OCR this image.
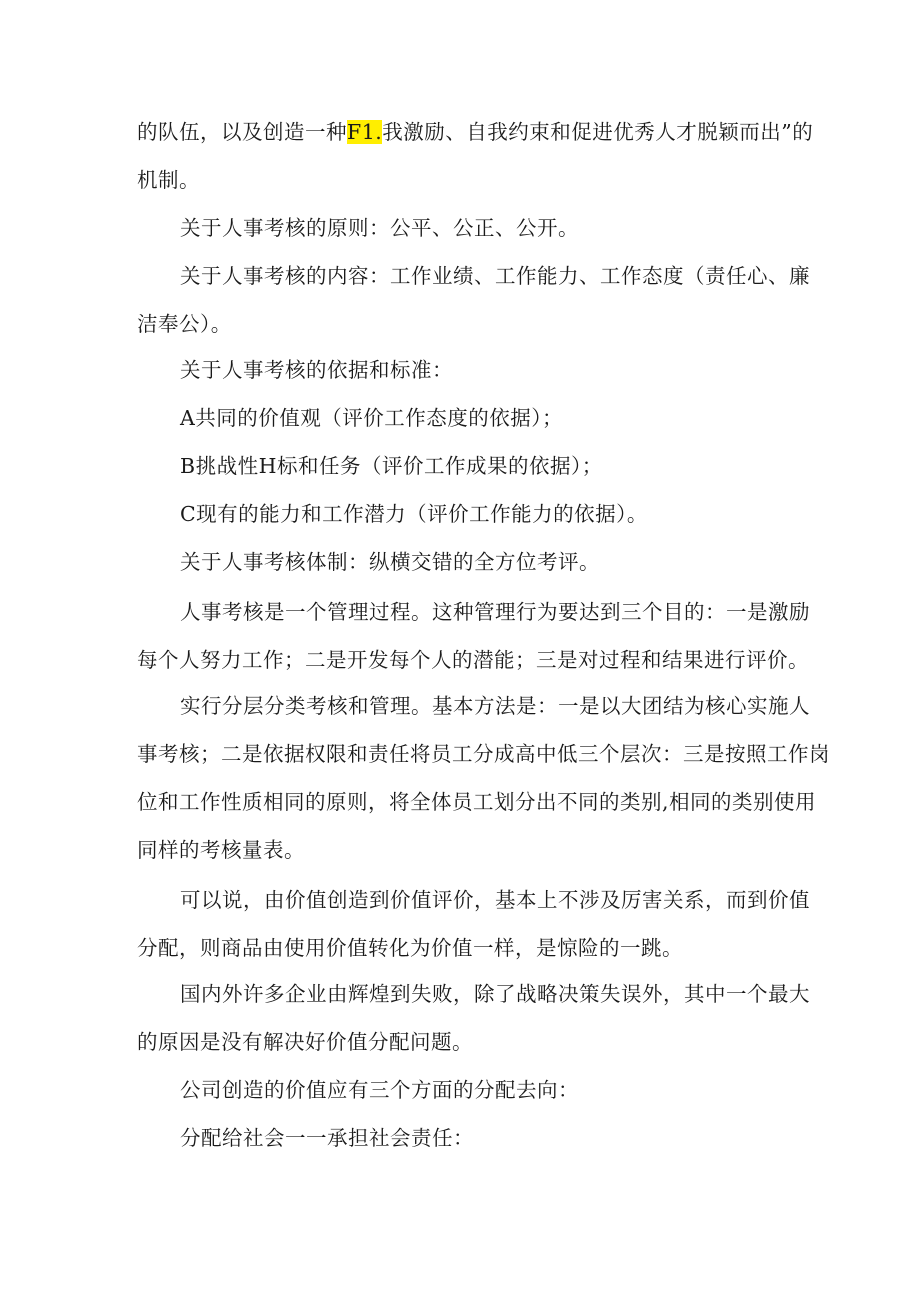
的队伍，以及创造一种F1.我激励、自我约束和促进优秀人才脱颖而出”的
机制。

关于人事考核的原则：公平、公正、公开。

关于人事考核的内容：工作业绩、工作能力、工作态度（责任心、廉
洁奉公）。

关于人事考核的依据和标准：

A共同的价值观（评价工作态度的依据）；

B挑战性H标和任务（评价工作成果的依据）；

C现有的能力和工作潜力（评价工作能力的依据）。

关于人事考核体制：纵横交错的全方位考评。

人事考核是一个管理过程。这种管理行为要达到三个目的：一是激励
每个人努力工作；二是开发每个人的潜能；三是对过程和结果进行评价。

实行分层分类考核和管理。基本方法是：一是以大团结为核心实施人
事考核；二是依据权限和责任将员工分成高中低三个层次：三是按照工作岗
位和工作性质相同的原则，将全体员工划分出不同的类别,相同的类别使用
同样的考核量表。

可以说，由价值创造到价值评价，基本上不涉及厉害关系，而到价值
分配，则商品由使用价值转化为价值一样，是惊险的一跳。

国内外许多企业由辉煌到失败，除了战略决策失误外，其中一个最大
的原因是没有解决好价值分配问题。

公司创造的价值应有三个方面的分配去向：

分配给社会一一承担社会责任：
